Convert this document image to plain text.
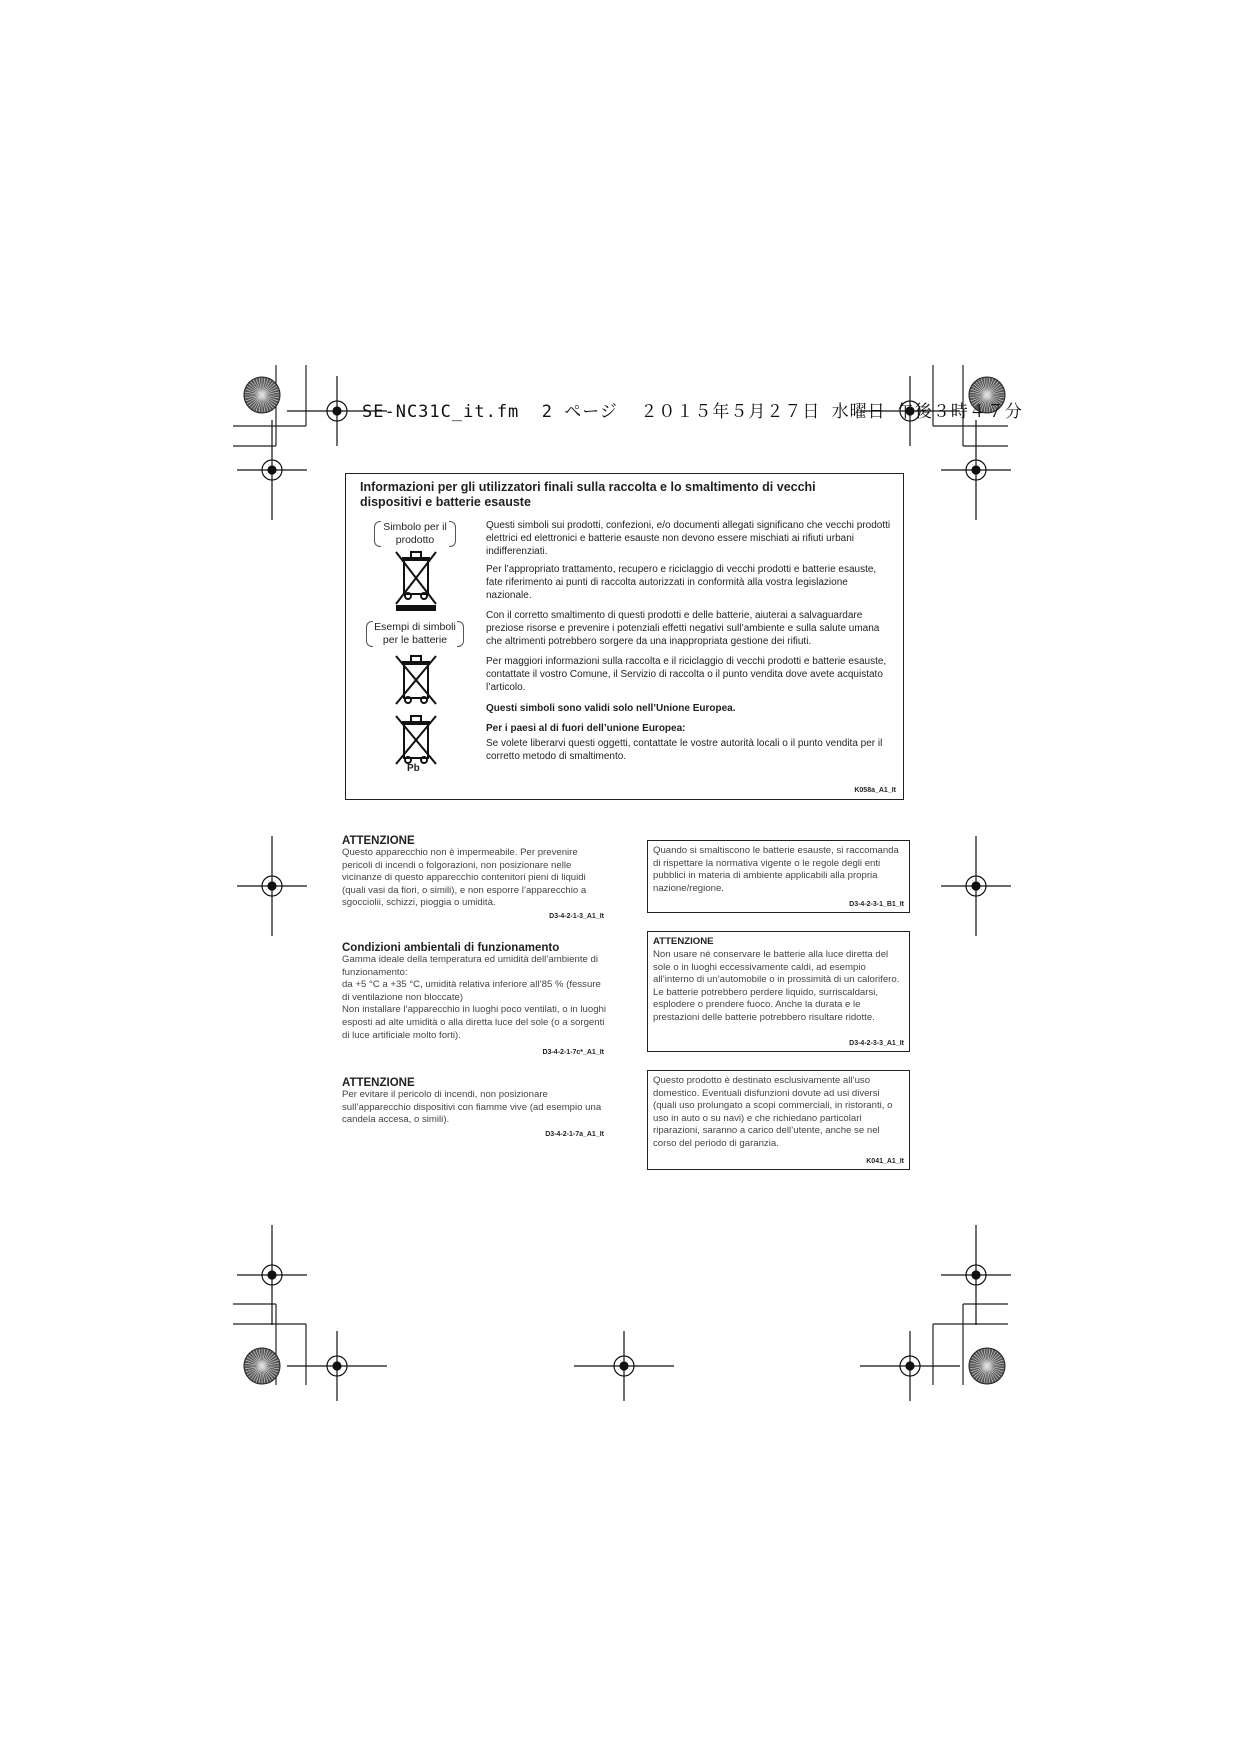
SE-NC31C_it.fm  2 ページ  ２０１５年５月２７日 水曜日 午後３時４７分
Informazioni per gli utilizzatori finali sulla raccolta e lo smaltimento di vecchi dispositivi e batterie esauste
Simbolo per il prodotto
Esempi di simboli per le batterie
Pb
Questi simboli sui prodotti, confezioni, e/o documenti allegati significano che vecchi prodotti elettrici ed elettronici e batterie esauste non devono essere mischiati ai rifiuti urbani indifferenziati.
Per l’appropriato trattamento, recupero e riciclaggio di vecchi prodotti e batterie esauste, fate riferimento ai punti di raccolta autorizzati in conformità alla vostra legislazione nazionale.
Con il corretto smaltimento di questi prodotti e delle batterie, aiuterai a salvaguardare preziose risorse e prevenire i potenziali effetti negativi sull’ambiente e sulla salute umana che altrimenti potrebbero sorgere da una inappropriata gestione dei rifiuti.
Per maggiori informazioni sulla raccolta e il riciclaggio di vecchi prodotti e batterie esauste, contattate il vostro Comune, il Servizio di raccolta o il punto vendita dove avete acquistato l’articolo.
Questi simboli sono validi solo nell’Unione Europea.
Per i paesi al di fuori dell’unione Europea:
Se volete liberarvi questi oggetti, contattate le vostre autorità locali o il punto vendita per il corretto metodo di smaltimento.
K058a_A1_It
ATTENZIONE
Questo apparecchio non è impermeabile. Per prevenire pericoli di incendi o folgorazioni, non posizionare nelle vicinanze di questo apparecchio contenitori pieni di liquidi (quali vasi da fiori, o simili), e non esporre l’apparecchio a sgocciolii, schizzi, pioggia o umidità.
D3-4-2-1-3_A1_It
Condizioni ambientali di funzionamento
Gamma ideale della temperatura ed umidità dell’ambiente di funzionamento:
da +5 °C a +35 °C, umidità relativa inferiore all’85 % (fessure di ventilazione non bloccate)
Non installare l’apparecchio in luoghi poco ventilati, o in luoghi esposti ad alte umidità o alla diretta luce del sole (o a sorgenti di luce artificiale molto forti).
D3-4-2-1-7c*_A1_It
ATTENZIONE
Per evitare il pericolo di incendi, non posizionare sull’apparecchio dispositivi con fiamme vive (ad esempio una candela accesa, o simili).
D3-4-2-1-7a_A1_It
Quando si smaltiscono le batterie esauste, si raccomanda di rispettare la normativa vigente o le regole degli enti pubblici in materia di ambiente applicabili alla propria nazione/regione.
D3-4-2-3-1_B1_It
ATTENZIONE
Non usare né conservare le batterie alla luce diretta del sole o in luoghi eccessivamente caldi, ad esempio all’interno di un’automobile o in prossimità di un calorifero. Le batterie potrebbero perdere liquido, surriscaldarsi, esplodere o prendere fuoco. Anche la durata e le prestazioni delle batterie potrebbero risultare ridotte.
D3-4-2-3-3_A1_It
Questo prodotto è destinato esclusivamente all’uso domestico. Eventuali disfunzioni dovute ad usi diversi (quali uso prolungato a scopi commerciali, in ristoranti, o uso in auto o su navi) e che richiedano particolari riparazioni, saranno a carico dell’utente, anche se nel corso del periodo di garanzia.
K041_A1_It
